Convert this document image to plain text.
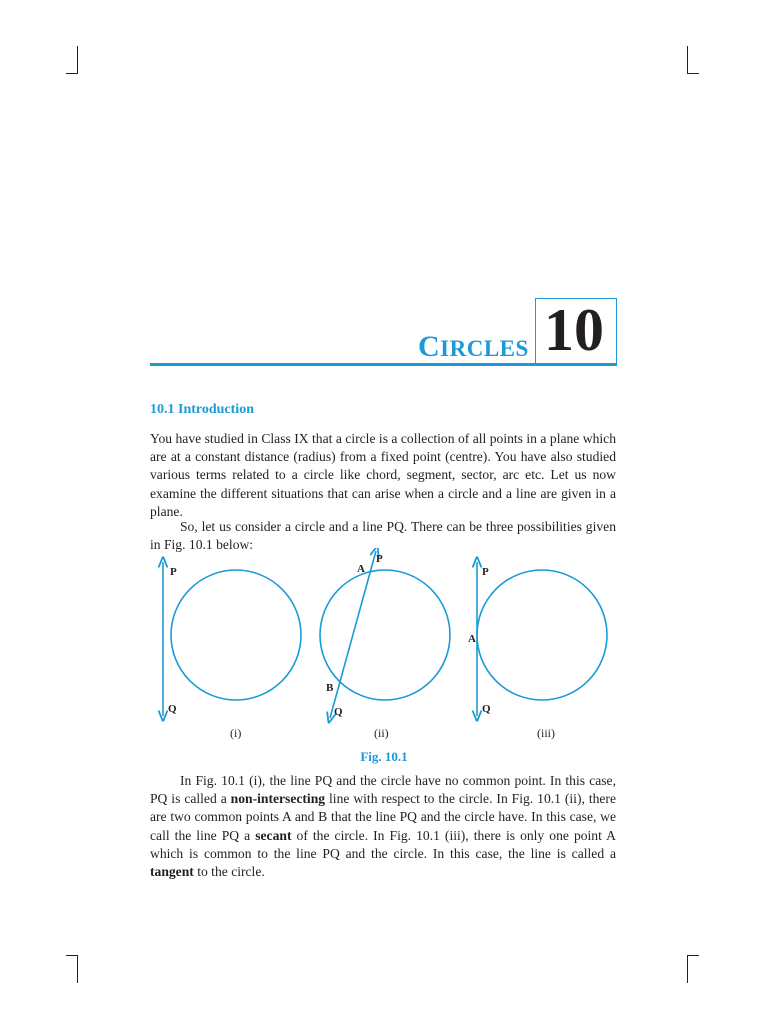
CIRCLES 10
10.1 Introduction

You have studied in Class IX that a circle is a collection of all points in a plane which are at a constant distance (radius) from a fixed point (centre). You have also studied various terms related to a circle like chord, segment, sector, arc etc. Let us now examine the different situations that can arise when a circle and a line are given in a plane.

So, let us consider a circle and a line PQ. There can be three possibilities given in Fig. 10.1 below:

P
Q
P
A
B
Q
P
A
Q
(i)	(ii)	(iii)
Fig. 10.1

In Fig. 10.1 (i), the line PQ and the circle have no common point. In this case, PQ is called a non-intersecting line with respect to the circle. In Fig. 10.1 (ii), there are two common points A and B that the line PQ and the circle have. In this case, we call the line PQ a secant of the circle. In Fig. 10.1 (iii), there is only one point A which is common to the line PQ and the circle. In this case, the line is called a tangent to the circle.
